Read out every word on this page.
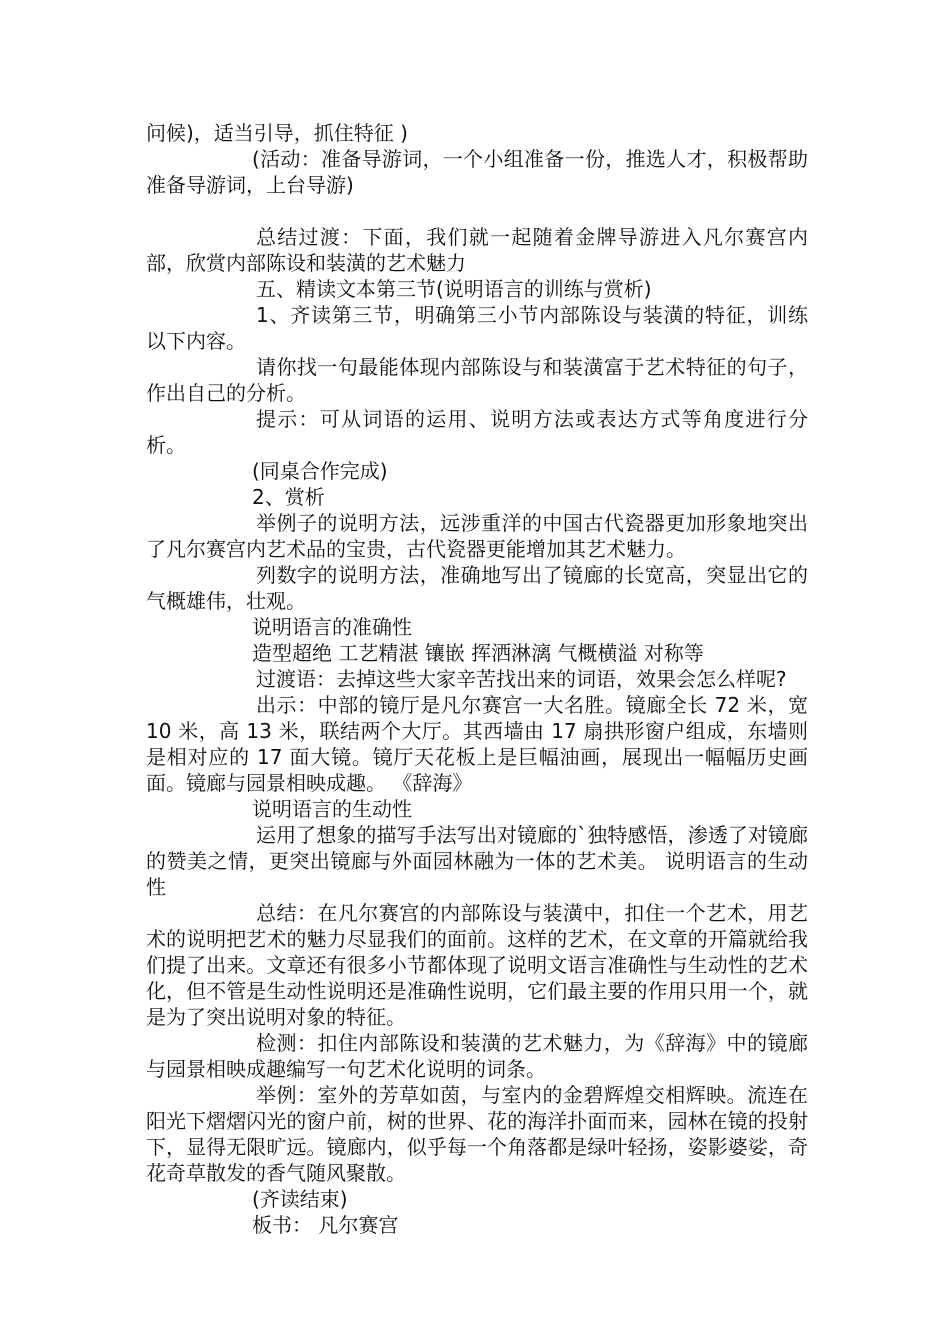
问候)，适当引导，抓住特征 )

(活动：准备导游词，一个小组准备一份，推选人才，积极帮助准备导游词，上台导游)

总结过渡：下面，我们就一起随着金牌导游进入凡尔赛宫内部，欣赏内部陈设和装潢的艺术魅力

五、精读文本第三节(说明语言的训练与赏析)

1、齐读第三节，明确第三小节内部陈设与装潢的特征，训练以下内容。

请你找一句最能体现内部陈设与和装潢富于艺术特征的句子，作出自己的分析。

提示：可从词语的运用、说明方法或表达方式等角度进行分析。

(同桌合作完成)

2、赏析

举例子的说明方法，远涉重洋的中国古代瓷器更加形象地突出了凡尔赛宫内艺术品的宝贵，古代瓷器更能增加其艺术魅力。

列数字的说明方法，准确地写出了镜廊的长宽高，突显出它的气概雄伟，壮观。

说明语言的准确性

造型超绝 工艺精湛 镶嵌 挥洒淋漓 气概横溢 对称等

过渡语：去掉这些大家辛苦找出来的词语，效果会怎么样呢?

出示：中部的镜厅是凡尔赛宫一大名胜。镜廊全长 72 米，宽 10 米，高 13 米，联结两个大厅。其西墙由 17 扇拱形窗户组成，东墙则是相对应的 17 面大镜。镜厅天花板上是巨幅油画，展现出一幅幅历史画面。镜廊与园景相映成趣。 《辞海》

说明语言的生动性

运用了想象的描写手法写出对镜廊的`独特感悟，渗透了对镜廊的赞美之情，更突出镜廊与外面园林融为一体的艺术美。 说明语言的生动性

总结：在凡尔赛宫的内部陈设与装潢中，扣住一个艺术，用艺术的说明把艺术的魅力尽显我们的面前。这样的艺术，在文章的开篇就给我们提了出来。文章还有很多小节都体现了说明文语言准确性与生动性的艺术化，但不管是生动性说明还是准确性说明，它们最主要的作用只用一个，就是为了突出说明对象的特征。

检测：扣住内部陈设和装潢的艺术魅力，为《辞海》中的镜廊与园景相映成趣编写一句艺术化说明的词条。

举例：室外的芳草如茵，与室内的金碧辉煌交相辉映。流连在阳光下熠熠闪光的窗户前，树的世界、花的海洋扑面而来，园林在镜的投射下，显得无限旷远。镜廊内，似乎每一个角落都是绿叶轻扬，姿影婆娑，奇花奇草散发的香气随风聚散。

(齐读结束)

板书： 凡尔赛宫
